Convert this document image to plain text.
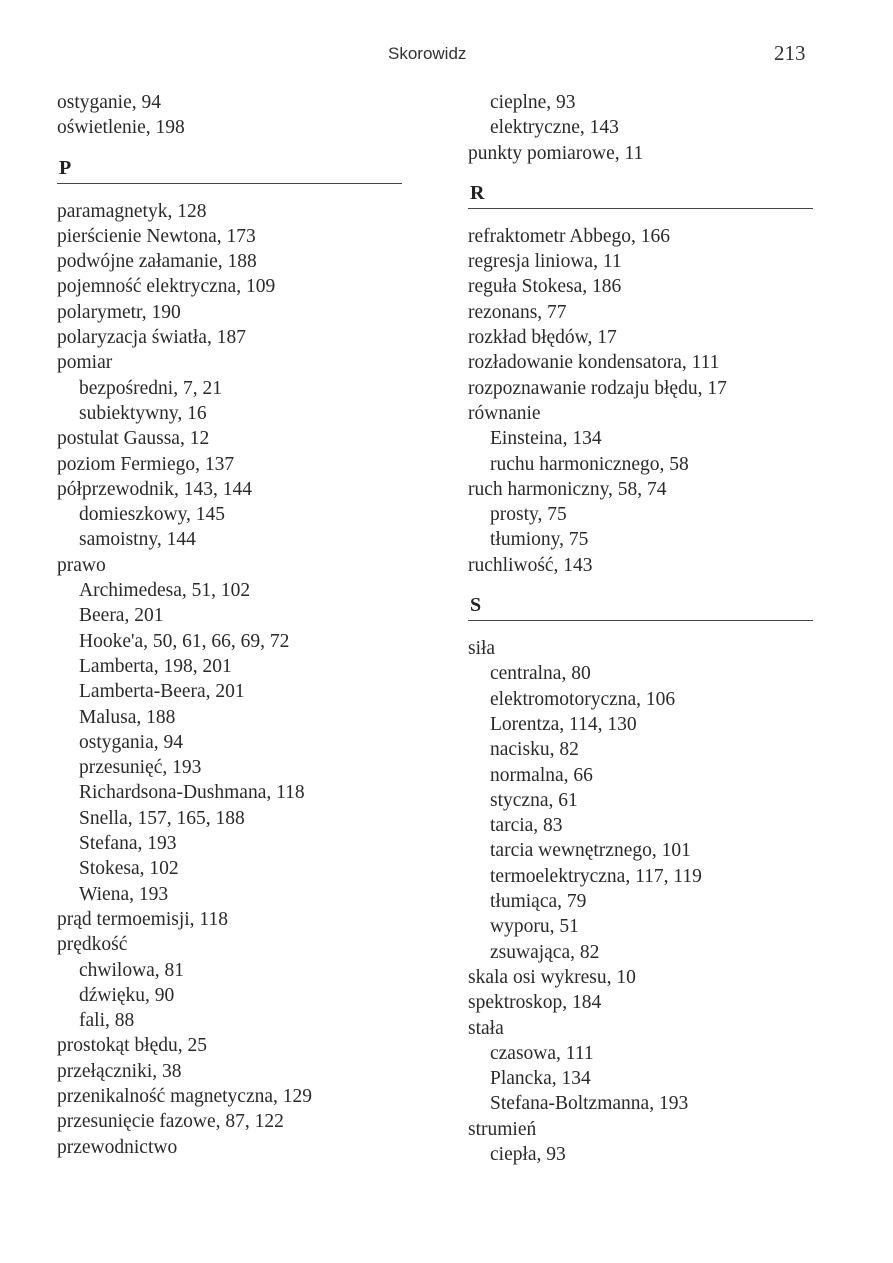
Skorowidz	213
ostyganie, 94
oświetlenie, 198
P
paramagnetyk, 128
pierścienie Newtona, 173
podwójne załamanie, 188
pojemność elektryczna, 109
polarymetr, 190
polaryzacja światła, 187
pomiar
bezpośredni, 7, 21
subiektywny, 16
postulat Gaussa, 12
poziom Fermiego, 137
półprzewodnik, 143, 144
domieszkowy, 145
samoistny, 144
prawo
Archimedesa, 51, 102
Beera, 201
Hooke'a, 50, 61, 66, 69, 72
Lamberta, 198, 201
Lamberta-Beera, 201
Malusa, 188
ostygania, 94
przesunięć, 193
Richardsona-Dushmana, 118
Snella, 157, 165, 188
Stefana, 193
Stokesa, 102
Wiena, 193
prąd termoemisji, 118
prędkość
chwilowa, 81
dźwięku, 90
fali, 88
prostokąt błędu, 25
przełączniki, 38
przenikalność magnetyczna, 129
przesunięcie fazowe, 87, 122
przewodnictwo
cieplne, 93
elektryczne, 143
punkty pomiarowe, 11
R
refraktometr Abbego, 166
regresja liniowa, 11
reguła Stokesa, 186
rezonans, 77
rozkład błędów, 17
rozładowanie kondensatora, 111
rozpoznawanie rodzaju błędu, 17
równanie
Einsteina, 134
ruchu harmonicznego, 58
ruch harmoniczny, 58, 74
prosty, 75
tłumiony, 75
ruchliwość, 143
S
siła
centralna, 80
elektromotoryczna, 106
Lorentza, 114, 130
nacisku, 82
normalna, 66
styczna, 61
tarcia, 83
tarcia wewnętrznego, 101
termoelektryczna, 117, 119
tłumiąca, 79
wyporu, 51
zsuwająca, 82
skala osi wykresu, 10
spektroskop, 184
stała
czasowa, 111
Plancka, 134
Stefana-Boltzmanna, 193
strumień
ciepła, 93
